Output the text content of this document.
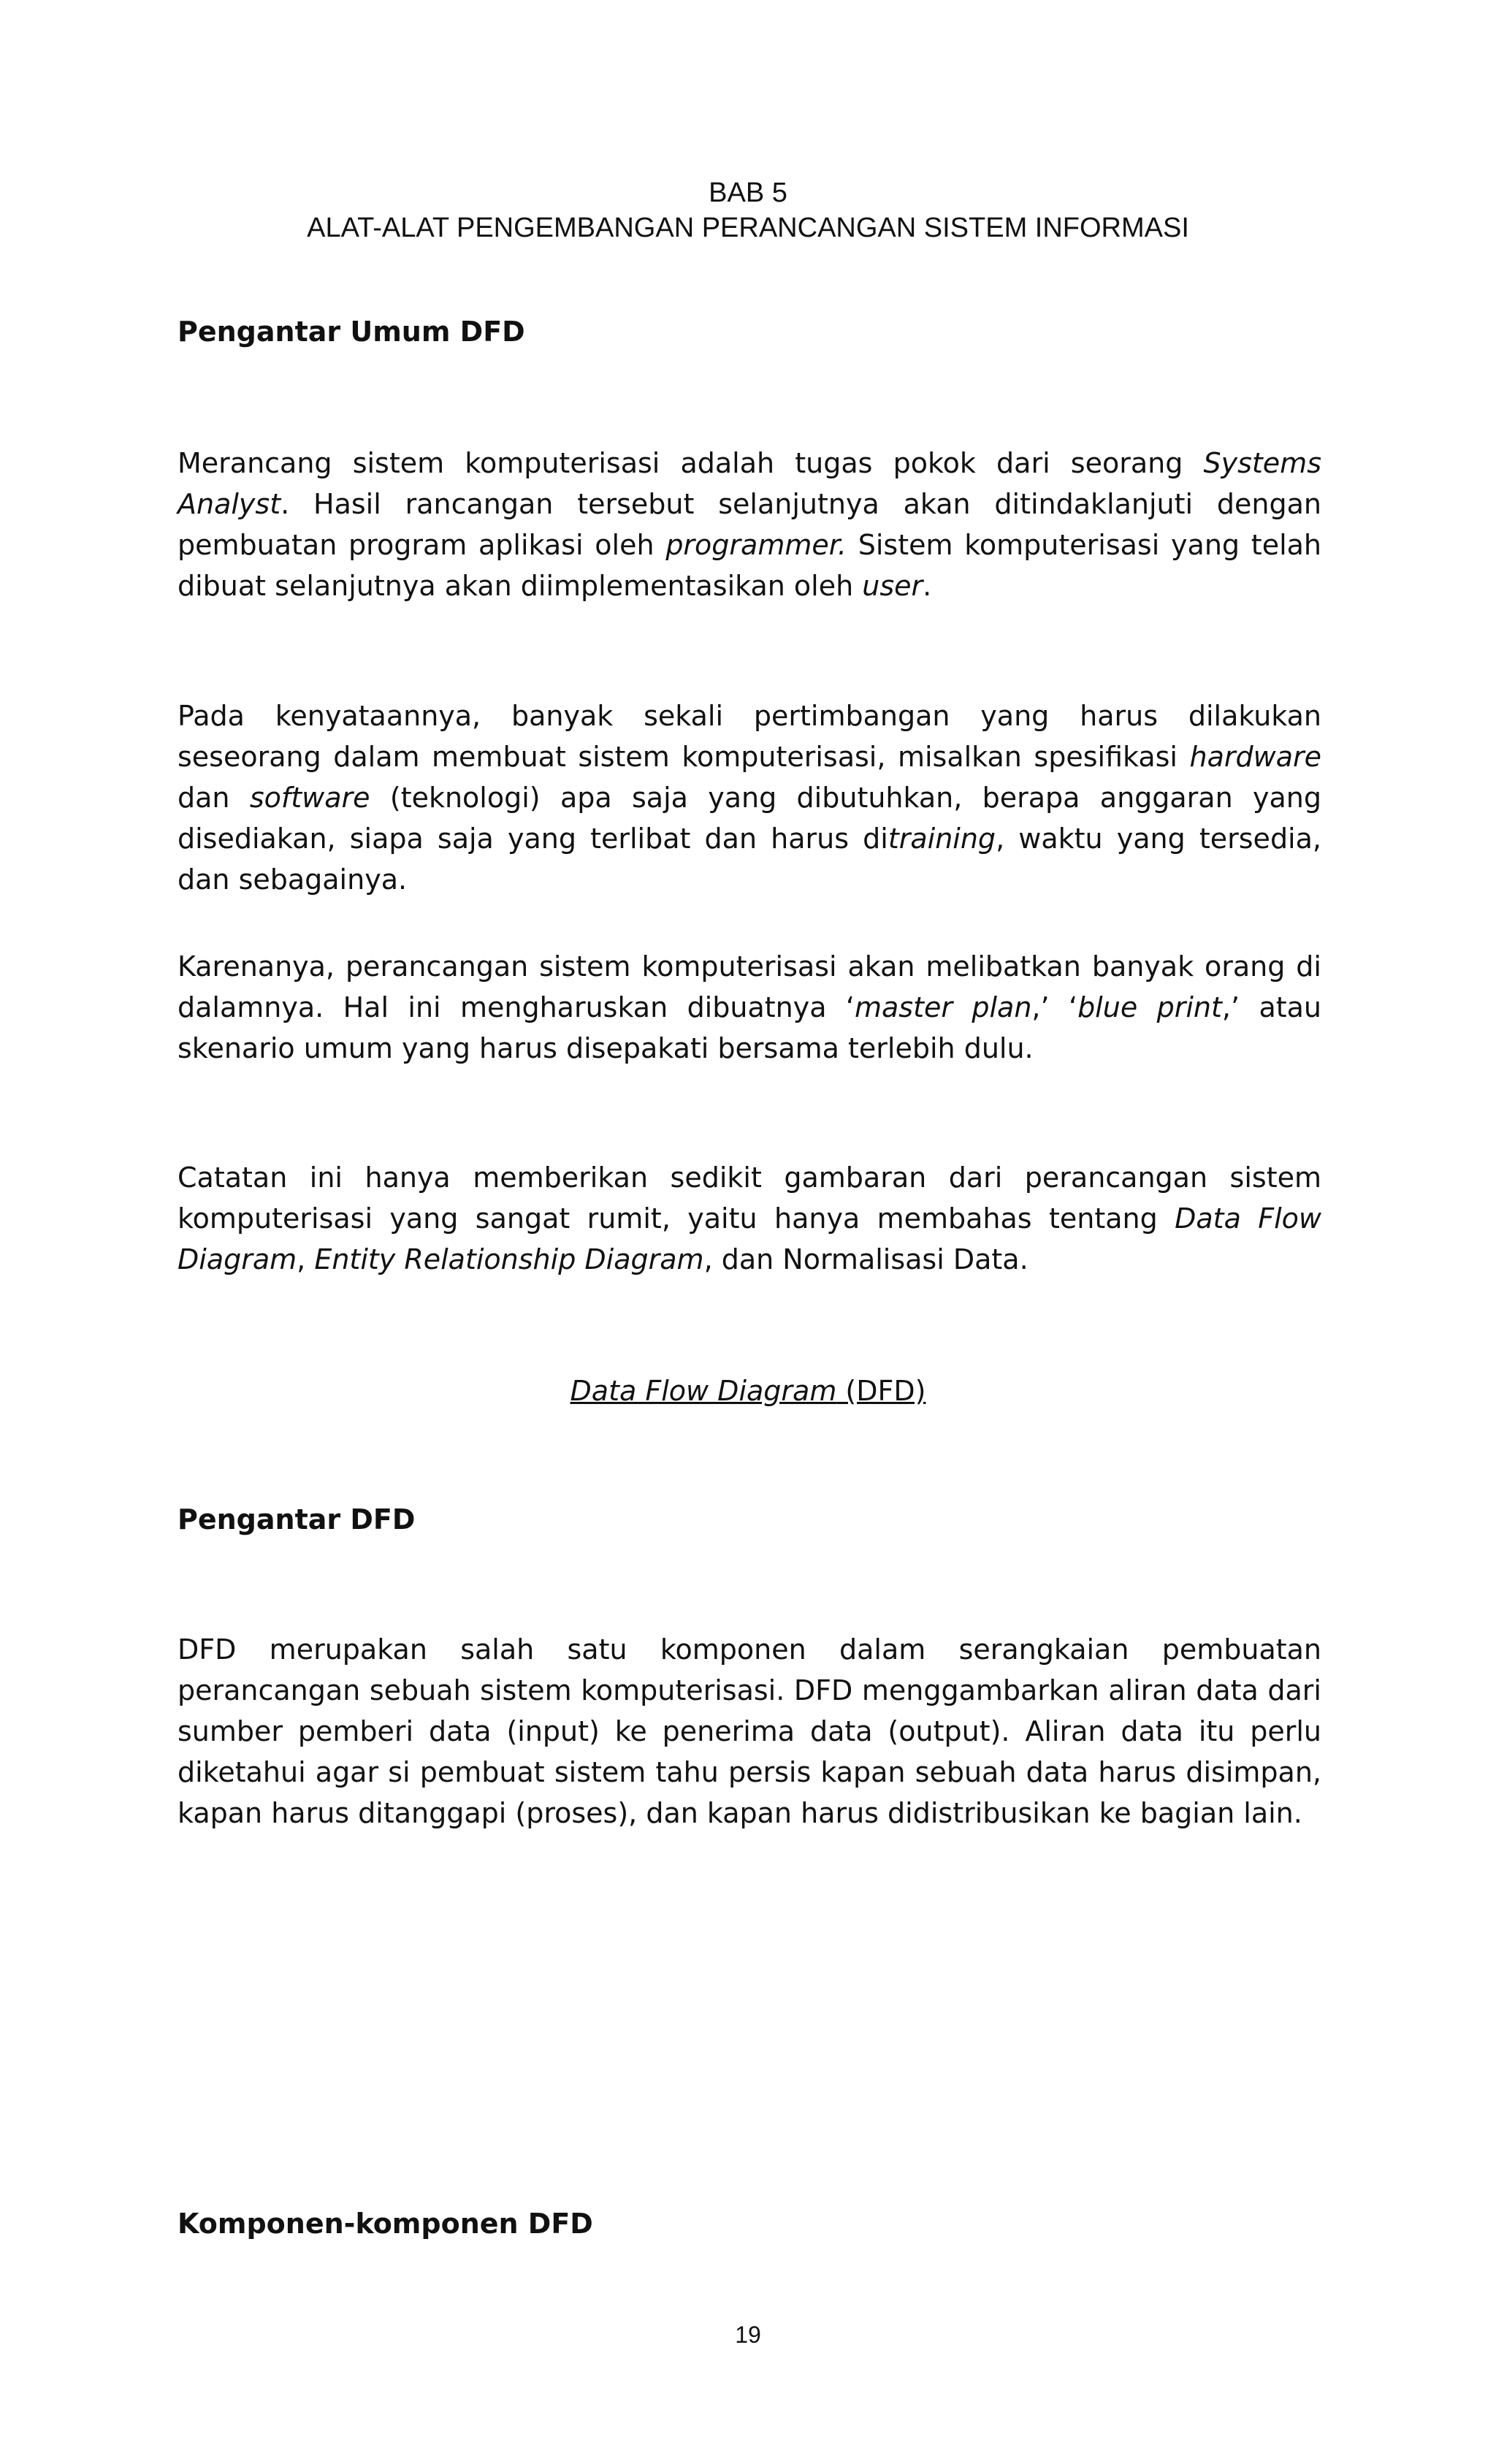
BAB 5
ALAT-ALAT PENGEMBANGAN PERANCANGAN SISTEM INFORMASI
Pengantar Umum DFD
Merancang sistem komputerisasi adalah tugas pokok dari seorang Systems Analyst. Hasil rancangan tersebut selanjutnya akan ditindaklanjuti dengan pembuatan program aplikasi oleh programmer. Sistem komputerisasi yang telah dibuat selanjutnya akan diimplementasikan oleh user.
Pada kenyataannya, banyak sekali pertimbangan yang harus dilakukan seseorang dalam membuat sistem komputerisasi, misalkan spesifikasi hardware dan software (teknologi) apa saja yang dibutuhkan, berapa anggaran yang disediakan, siapa saja yang terlibat dan harus ditraining, waktu yang tersedia, dan sebagainya.
Karenanya, perancangan sistem komputerisasi akan melibatkan banyak orang di dalamnya. Hal ini mengharuskan dibuatnya ‘master plan,’ ‘blue print,’ atau skenario umum yang harus disepakati bersama terlebih dulu.
Catatan ini hanya memberikan sedikit gambaran dari perancangan sistem komputerisasi yang sangat rumit, yaitu hanya membahas tentang Data Flow Diagram, Entity Relationship Diagram, dan Normalisasi Data.
Data Flow Diagram (DFD)
Pengantar DFD
DFD merupakan salah satu komponen dalam serangkaian pembuatan perancangan sebuah sistem komputerisasi. DFD menggambarkan aliran data dari sumber pemberi data (input) ke penerima data (output). Aliran data itu perlu diketahui agar si pembuat sistem tahu persis kapan sebuah data harus disimpan, kapan harus ditanggapi (proses), dan kapan harus didistribusikan ke bagian lain.
Komponen-komponen DFD
19
